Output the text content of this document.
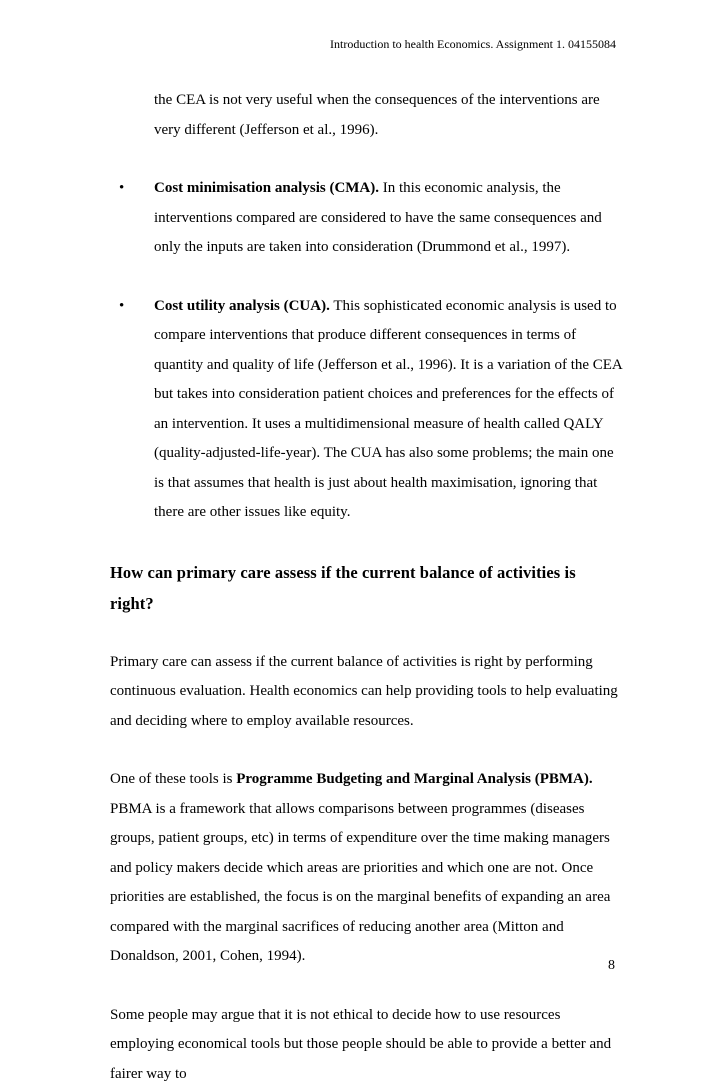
Introduction to health Economics. Assignment 1. 04155084

the CEA is not very useful when the consequences of the interventions are very different (Jefferson et al., 1996).

• Cost minimisation analysis (CMA). In this economic analysis, the interventions compared are considered to have the same consequences and only the inputs are taken into consideration (Drummond et al., 1997).

• Cost utility analysis (CUA). This sophisticated economic analysis is used to compare interventions that produce different consequences in terms of quantity and quality of life (Jefferson et al., 1996). It is a variation of the CEA but takes into consideration patient choices and preferences for the effects of an intervention. It uses a multidimensional measure of health called QALY (quality-adjusted-life-year). The CUA has also some problems; the main one is that assumes that health is just about health maximisation, ignoring that there are other issues like equity.

How can primary care assess if the current balance of activities is right?

Primary care can assess if the current balance of activities is right by performing continuous evaluation. Health economics can help providing tools to help evaluating and deciding where to employ available resources.

One of these tools is Programme Budgeting and Marginal Analysis (PBMA). PBMA is a framework that allows comparisons between programmes (diseases groups, patient groups, etc) in terms of expenditure over the time making managers and policy makers decide which areas are priorities and which one are not. Once priorities are established, the focus is on the marginal benefits of expanding an area compared with the marginal sacrifices of reducing another area (Mitton and Donaldson, 2001, Cohen, 1994).

Some people may argue that it is not ethical to decide how to use resources employing economical tools but those people should be able to provide a better and fairer way to

8
